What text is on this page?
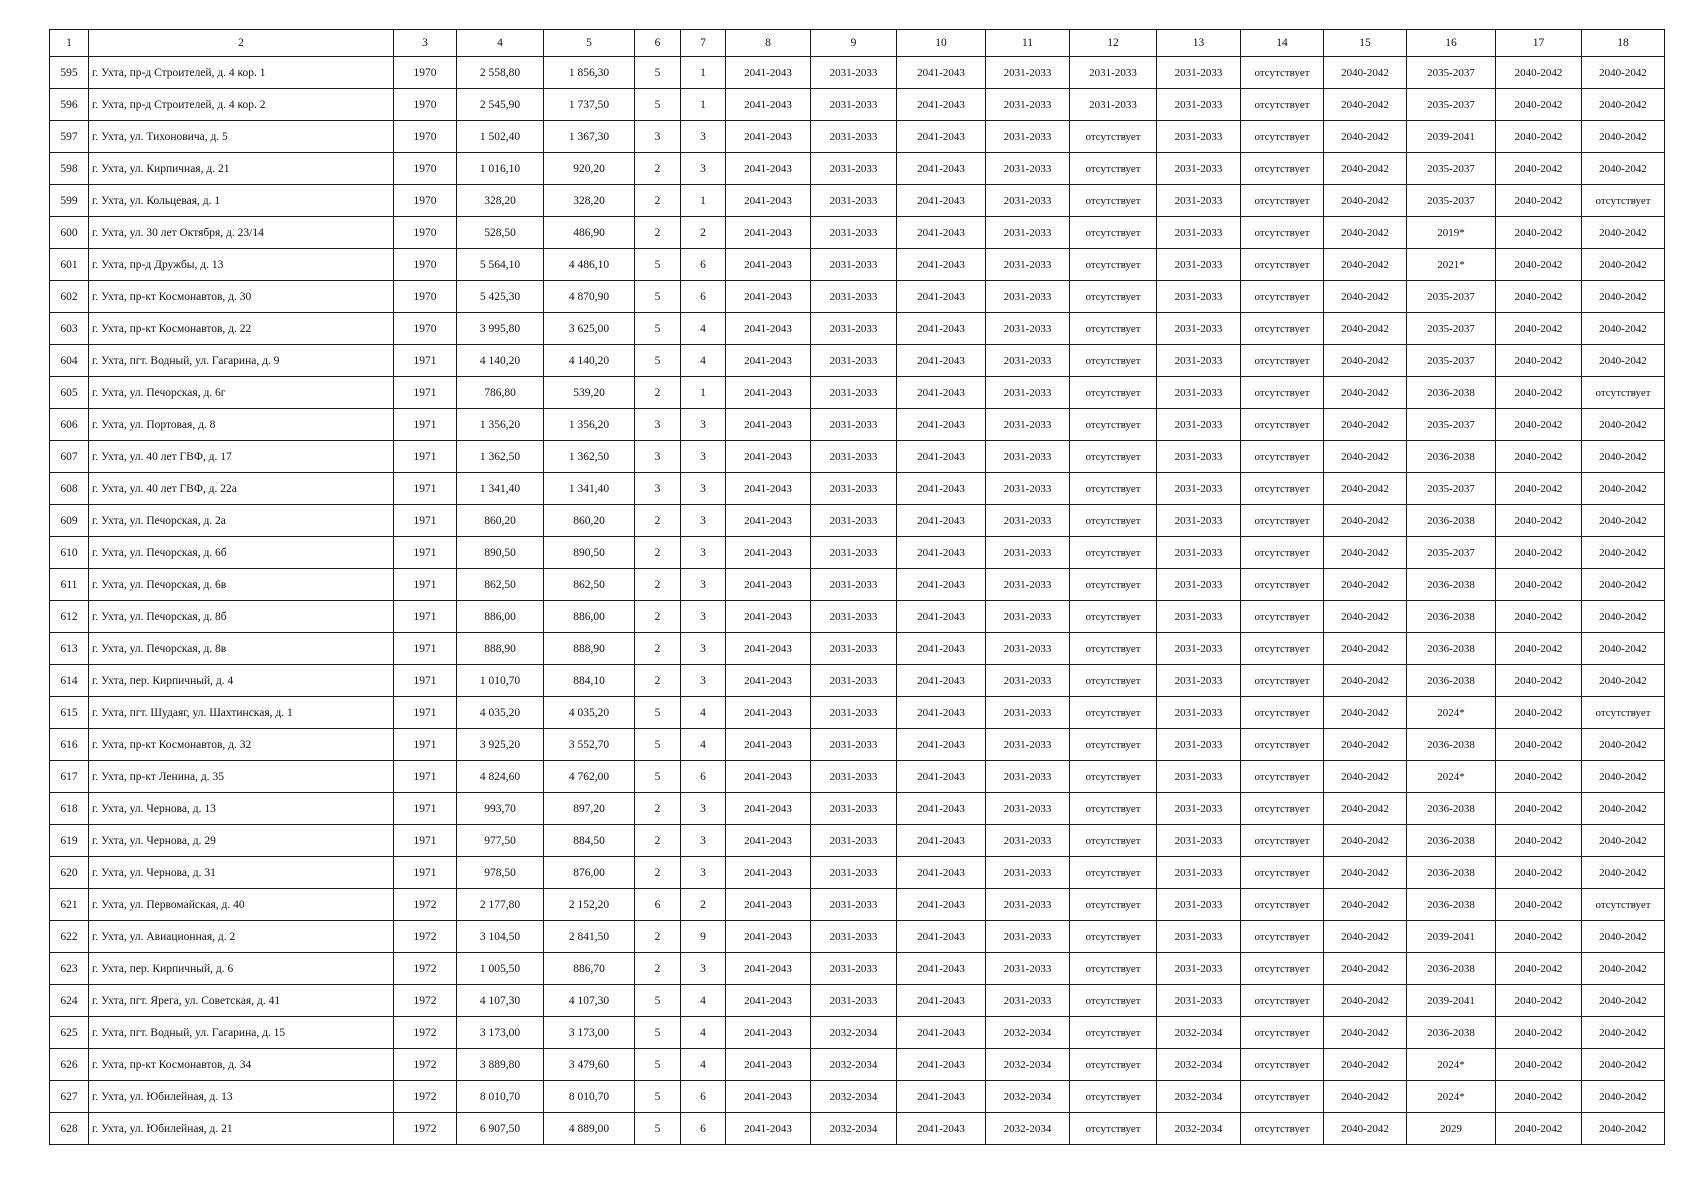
1	2	3	4	5	6	7	8	9	10	11	12	13	14	15	16	17	18
595	г. Ухта, пр-д Строителей, д. 4 кор. 1	1970	2 558,80	1 856,30	5	1	2041-2043	2031-2033	2041-2043	2031-2033	2031-2033	2031-2033	отсутствует	2040-2042	2035-2037	2040-2042	2040-2042
596	г. Ухта, пр-д Строителей, д. 4 кор. 2	1970	2 545,90	1 737,50	5	1	2041-2043	2031-2033	2041-2043	2031-2033	2031-2033	2031-2033	отсутствует	2040-2042	2035-2037	2040-2042	2040-2042
597	г. Ухта, ул. Тихоновича, д. 5	1970	1 502,40	1 367,30	3	3	2041-2043	2031-2033	2041-2043	2031-2033	отсутствует	2031-2033	отсутствует	2040-2042	2039-2041	2040-2042	2040-2042
598	г. Ухта, ул. Кирпичная, д. 21	1970	1 016,10	920,20	2	3	2041-2043	2031-2033	2041-2043	2031-2033	отсутствует	2031-2033	отсутствует	2040-2042	2035-2037	2040-2042	2040-2042
599	г. Ухта, ул. Кольцевая, д. 1	1970	328,20	328,20	2	1	2041-2043	2031-2033	2041-2043	2031-2033	отсутствует	2031-2033	отсутствует	2040-2042	2035-2037	2040-2042	отсутствует
600	г. Ухта, ул. 30 лет Октября, д. 23/14	1970	528,50	486,90	2	2	2041-2043	2031-2033	2041-2043	2031-2033	отсутствует	2031-2033	отсутствует	2040-2042	2019*	2040-2042	2040-2042
601	г. Ухта, пр-д Дружбы, д. 13	1970	5 564,10	4 486,10	5	6	2041-2043	2031-2033	2041-2043	2031-2033	отсутствует	2031-2033	отсутствует	2040-2042	2021*	2040-2042	2040-2042
602	г. Ухта, пр-кт Космонавтов, д. 30	1970	5 425,30	4 870,90	5	6	2041-2043	2031-2033	2041-2043	2031-2033	отсутствует	2031-2033	отсутствует	2040-2042	2035-2037	2040-2042	2040-2042
603	г. Ухта, пр-кт Космонавтов, д. 22	1970	3 995,80	3 625,00	5	4	2041-2043	2031-2033	2041-2043	2031-2033	отсутствует	2031-2033	отсутствует	2040-2042	2035-2037	2040-2042	2040-2042
604	г. Ухта, пгт. Водный, ул. Гагарина, д. 9	1971	4 140,20	4 140,20	5	4	2041-2043	2031-2033	2041-2043	2031-2033	отсутствует	2031-2033	отсутствует	2040-2042	2035-2037	2040-2042	2040-2042
605	г. Ухта, ул. Печорская, д. 6г	1971	786,80	539,20	2	1	2041-2043	2031-2033	2041-2043	2031-2033	отсутствует	2031-2033	отсутствует	2040-2042	2036-2038	2040-2042	отсутствует
606	г. Ухта, ул. Портовая, д. 8	1971	1 356,20	1 356,20	3	3	2041-2043	2031-2033	2041-2043	2031-2033	отсутствует	2031-2033	отсутствует	2040-2042	2035-2037	2040-2042	2040-2042
607	г. Ухта, ул. 40 лет ГВФ, д. 17	1971	1 362,50	1 362,50	3	3	2041-2043	2031-2033	2041-2043	2031-2033	отсутствует	2031-2033	отсутствует	2040-2042	2036-2038	2040-2042	2040-2042
608	г. Ухта, ул. 40 лет ГВФ, д. 22а	1971	1 341,40	1 341,40	3	3	2041-2043	2031-2033	2041-2043	2031-2033	отсутствует	2031-2033	отсутствует	2040-2042	2035-2037	2040-2042	2040-2042
609	г. Ухта, ул. Печорская, д. 2а	1971	860,20	860,20	2	3	2041-2043	2031-2033	2041-2043	2031-2033	отсутствует	2031-2033	отсутствует	2040-2042	2036-2038	2040-2042	2040-2042
610	г. Ухта, ул. Печорская, д. 6б	1971	890,50	890,50	2	3	2041-2043	2031-2033	2041-2043	2031-2033	отсутствует	2031-2033	отсутствует	2040-2042	2035-2037	2040-2042	2040-2042
611	г. Ухта, ул. Печорская, д. 6в	1971	862,50	862,50	2	3	2041-2043	2031-2033	2041-2043	2031-2033	отсутствует	2031-2033	отсутствует	2040-2042	2036-2038	2040-2042	2040-2042
612	г. Ухта, ул. Печорская, д. 8б	1971	886,00	886,00	2	3	2041-2043	2031-2033	2041-2043	2031-2033	отсутствует	2031-2033	отсутствует	2040-2042	2036-2038	2040-2042	2040-2042
613	г. Ухта, ул. Печорская, д. 8в	1971	888,90	888,90	2	3	2041-2043	2031-2033	2041-2043	2031-2033	отсутствует	2031-2033	отсутствует	2040-2042	2036-2038	2040-2042	2040-2042
614	г. Ухта, пер. Кирпичный, д. 4	1971	1 010,70	884,10	2	3	2041-2043	2031-2033	2041-2043	2031-2033	отсутствует	2031-2033	отсутствует	2040-2042	2036-2038	2040-2042	2040-2042
615	г. Ухта, пгт. Шудаяг, ул. Шахтинская, д. 1	1971	4 035,20	4 035,20	5	4	2041-2043	2031-2033	2041-2043	2031-2033	отсутствует	2031-2033	отсутствует	2040-2042	2024*	2040-2042	отсутствует
616	г. Ухта, пр-кт Космонавтов, д. 32	1971	3 925,20	3 552,70	5	4	2041-2043	2031-2033	2041-2043	2031-2033	отсутствует	2031-2033	отсутствует	2040-2042	2036-2038	2040-2042	2040-2042
617	г. Ухта, пр-кт Ленина, д. 35	1971	4 824,60	4 762,00	5	6	2041-2043	2031-2033	2041-2043	2031-2033	отсутствует	2031-2033	отсутствует	2040-2042	2024*	2040-2042	2040-2042
618	г. Ухта, ул. Чернова, д. 13	1971	993,70	897,20	2	3	2041-2043	2031-2033	2041-2043	2031-2033	отсутствует	2031-2033	отсутствует	2040-2042	2036-2038	2040-2042	2040-2042
619	г. Ухта, ул. Чернова, д. 29	1971	977,50	884,50	2	3	2041-2043	2031-2033	2041-2043	2031-2033	отсутствует	2031-2033	отсутствует	2040-2042	2036-2038	2040-2042	2040-2042
620	г. Ухта, ул. Чернова, д. 31	1971	978,50	876,00	2	3	2041-2043	2031-2033	2041-2043	2031-2033	отсутствует	2031-2033	отсутствует	2040-2042	2036-2038	2040-2042	2040-2042
621	г. Ухта, ул. Первомайская, д. 40	1972	2 177,80	2 152,20	6	2	2041-2043	2031-2033	2041-2043	2031-2033	отсутствует	2031-2033	отсутствует	2040-2042	2036-2038	2040-2042	отсутствует
622	г. Ухта, ул. Авиационная, д. 2	1972	3 104,50	2 841,50	2	9	2041-2043	2031-2033	2041-2043	2031-2033	отсутствует	2031-2033	отсутствует	2040-2042	2039-2041	2040-2042	2040-2042
623	г. Ухта, пер. Кирпичный, д. 6	1972	1 005,50	886,70	2	3	2041-2043	2031-2033	2041-2043	2031-2033	отсутствует	2031-2033	отсутствует	2040-2042	2036-2038	2040-2042	2040-2042
624	г. Ухта, пгт. Ярега, ул. Советская, д. 41	1972	4 107,30	4 107,30	5	4	2041-2043	2031-2033	2041-2043	2031-2033	отсутствует	2031-2033	отсутствует	2040-2042	2039-2041	2040-2042	2040-2042
625	г. Ухта, пгт. Водный, ул. Гагарина, д. 15	1972	3 173,00	3 173,00	5	4	2041-2043	2032-2034	2041-2043	2032-2034	отсутствует	2032-2034	отсутствует	2040-2042	2036-2038	2040-2042	2040-2042
626	г. Ухта, пр-кт Космонавтов, д. 34	1972	3 889,80	3 479,60	5	4	2041-2043	2032-2034	2041-2043	2032-2034	отсутствует	2032-2034	отсутствует	2040-2042	2024*	2040-2042	2040-2042
627	г. Ухта, ул. Юбилейная, д. 13	1972	8 010,70	8 010,70	5	6	2041-2043	2032-2034	2041-2043	2032-2034	отсутствует	2032-2034	отсутствует	2040-2042	2024*	2040-2042	2040-2042
628	г. Ухта, ул. Юбилейная, д. 21	1972	6 907,50	4 889,00	5	6	2041-2043	2032-2034	2041-2043	2032-2034	отсутствует	2032-2034	отсутствует	2040-2042	2029	2040-2042	2040-2042
